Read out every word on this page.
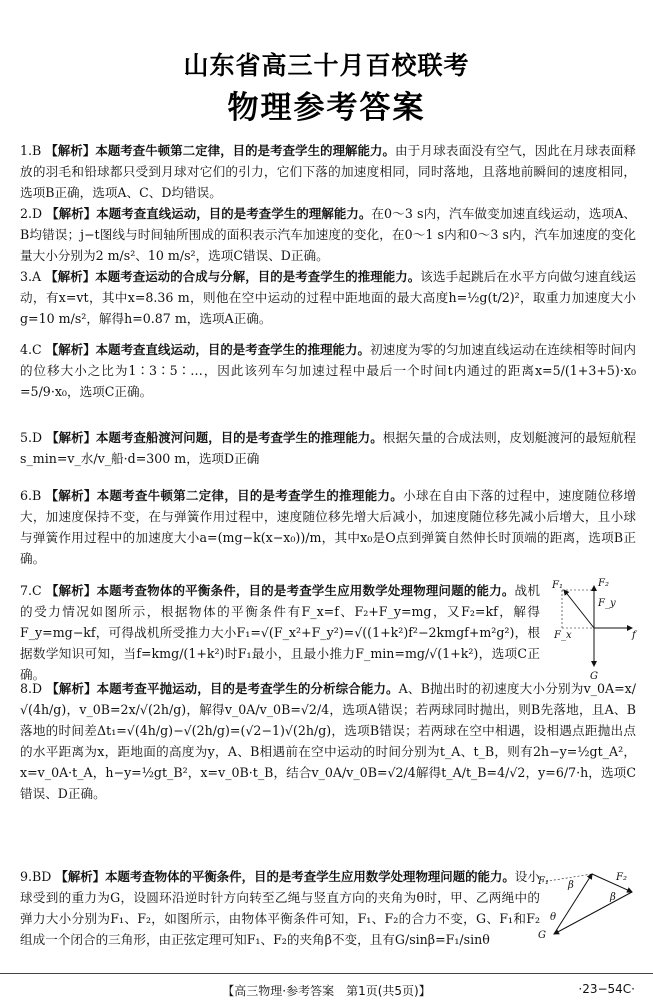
山东省高三十月百校联考
物理参考答案
1.B 【解析】本题考查牛顿第二定律，目的是考查学生的理解能力。由于月球表面没有空气，因此在月球表面释放的羽毛和铅球都只受到月球对它们的引力，它们下落的加速度相同，同时落地，且落地前瞬间的速度相同，选项B正确，选项A、C、D均错误。
2.D 【解析】本题考查直线运动，目的是考查学生的理解能力。在0～3 s内，汽车做变加速直线运动，选项A、B均错误；j−t图线与时间轴所围成的面积表示汽车加速度的变化，在0～1 s内和0～3 s内，汽车加速度的变化量大小分别为2 m/s²、10 m/s²，选项C错误、D正确。
3.A 【解析】本题考查运动的合成与分解，目的是考查学生的推理能力。该选手起跳后在水平方向做匀速直线运动，有x=vt，其中x=8.36 m，则他在空中运动的过程中距地面的最大高度h=½g(t/2)²，取重力加速度大小g=10 m/s²，解得h=0.87 m，选项A正确。
4.C 【解析】本题考查直线运动，目的是考查学生的推理能力。初速度为零的匀加速直线运动在连续相等时间内的位移大小之比为1∶3∶5∶…，因此该列车匀加速过程中最后一个时间t内通过的距离x=5/(1+3+5)·x₀ =5/9·x₀，选项C正确。
5.D 【解析】本题考查船渡河问题，目的是考查学生的推理能力。根据矢量的合成法则，皮划艇渡河的最短航程s_min=v_水/v_船·d=300 m，选项D正确
6.B 【解析】本题考查牛顿第二定律，目的是考查学生的推理能力。小球在自由下落的过程中，速度随位移增大，加速度保持不变，在与弹簧作用过程中，速度随位移先增大后减小，加速度随位移先减小后增大，且小球与弹簧作用过程中的加速度大小a=(mg−k(x−x₀))/m，其中x₀是O点到弹簧自然伸长时顶端的距离，选项B正确。
7.C 【解析】本题考查物体的平衡条件，目的是考查学生应用数学处理物理问题的能力。战机的受力情况如图所示，根据物体的平衡条件有F_x=f、F₂+F_y=mg，又F₂=kf，解得F_y=mg−kf，可得战机所受推力大小F₁=√(F_x²+F_y²)=√((1+k²)f²−2kmgf+m²g²)，根据数学知识可知，当f=kmg/(1+k²)时F₁最小，且最小推力F_min=mg/√(1+k²)，选项C正确。
F₁	F₂
F_y
F_x	f
G
8.D 【解析】本题考查平抛运动，目的是考查学生的分析综合能力。A、B抛出时的初速度大小分别为v_0A=x/√(4h/g)，v_0B=2x/√(2h/g)，解得v_0A/v_0B=√2/4，选项A错误；若两球同时抛出，则B先落地，且A、B落地的时间差Δt₁=√(4h/g)−√(2h/g)=(√2−1)√(2h/g)，选项B错误；若两球在空中相遇，设相遇点距抛出点的水平距离为x，距地面的高度为y，A、B相遇前在空中运动的时间分别为t_A、t_B，则有2h−y=½gt_A²，x=v_0A·t_A，h−y=½gt_B²，x=v_0B·t_B，结合v_0A/v_0B=√2/4解得t_A/t_B=4/√2，y=6/7·h，选项C错误、D正确。
9.BD 【解析】本题考查物体的平衡条件，目的是考查学生应用数学处理物理问题的能力。设小球受到的重力为G，设圆环沿逆时针方向转至乙绳与竖直方向的夹角为θ时，甲、乙两绳中的弹力大小分别为F₁、F₂，如图所示，由物体平衡条件可知，F₁、F₂的合力不变，G、F₁和F₂组成一个闭合的三角形，由正弦定理可知F₁、F₂的夹角β不变，且有G/sinβ=F₁/sinθ
F₁ β
F₂
β
θ
G
【高三物理·参考答案　第1页(共5页)】	·23−54C·
